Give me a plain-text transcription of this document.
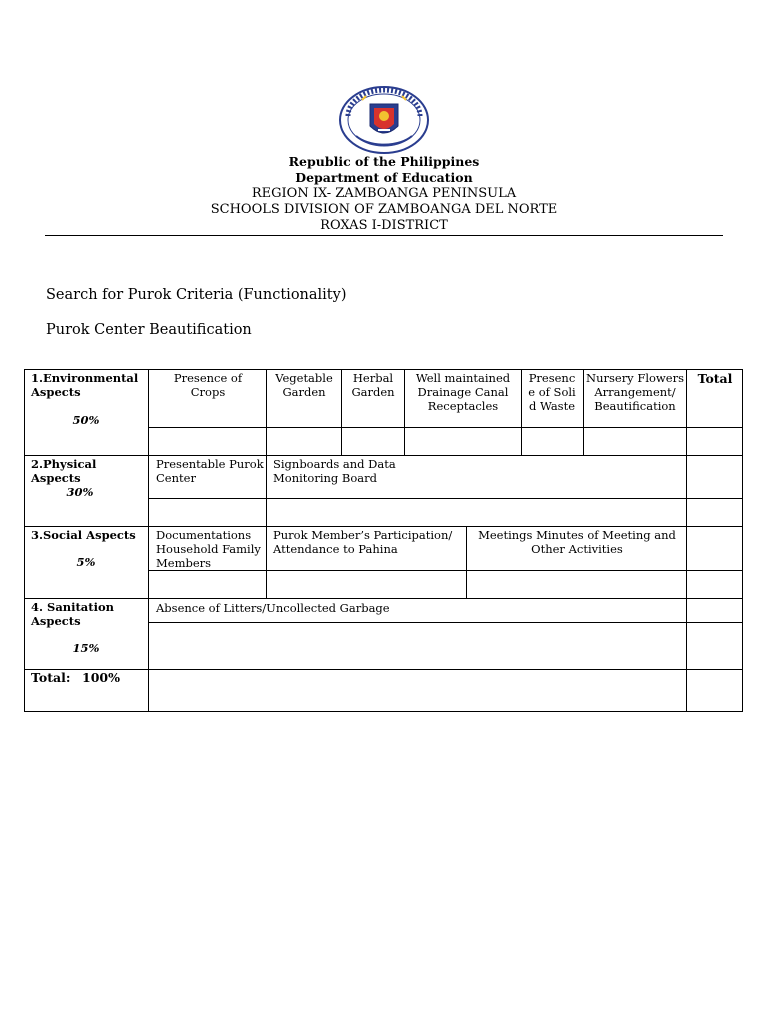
Republic of the Philippines
Department of Education
REGION IX- ZAMBOANGA PENINSULA
SCHOOLS DIVISION OF ZAMBOANGA DEL NORTE
ROXAS I-DISTRICT
Search for Purok Criteria (Functionality)
Purok Center Beautification
1.Environmental Aspects
50%
Presence of Crops
Vegetable Garden
Herbal Garden
Well maintained Drainage Canal Receptacles
Presence of Solid Waste
Nursery Flowers Arrangement/ Beautification
Total
2.Physical Aspects
30%
Presentable Purok Center
Signboards and Data Monitoring Board
3.Social Aspects
5%
Documentations Household Family Members
Purok Member’s Participation/ Attendance to Pahina
Meetings Minutes of Meeting and Other Activities
4. Sanitation Aspects
15%
Absence of Litters/Uncollected Garbage
Total: 100%
